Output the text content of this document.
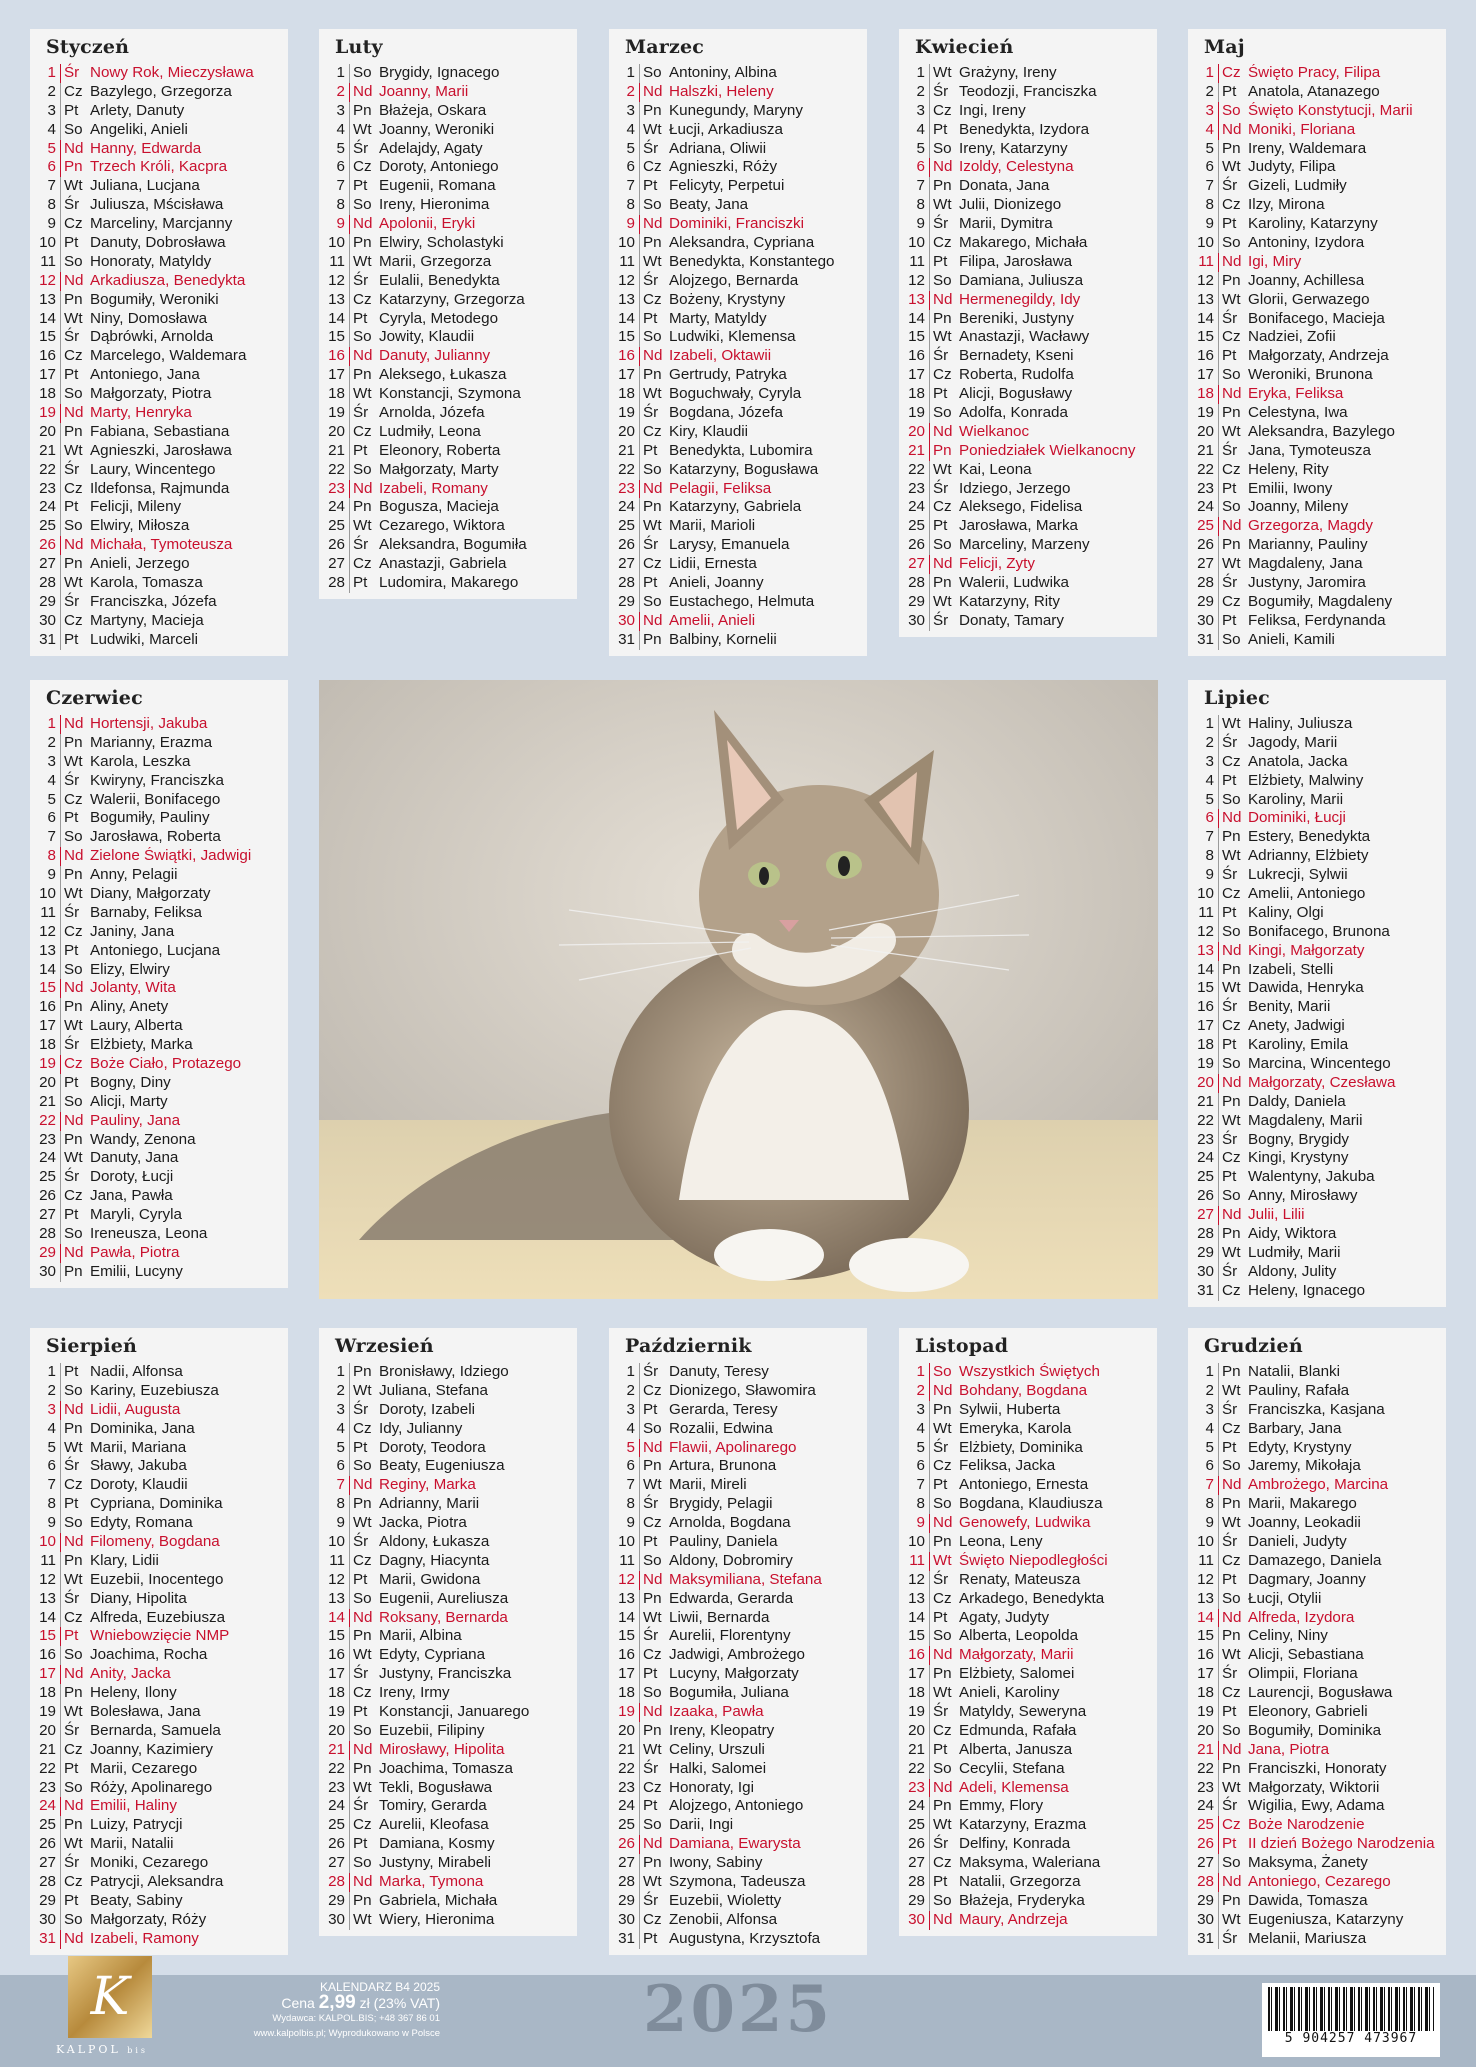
Styczeń
1 Śr Nowy Rok, Mieczysława
2 Cz Bazylego, Grzegorza
3 Pt Arlety, Danuty
4 So Angeliki, Anieli
5 Nd Hanny, Edwarda
6 Pn Trzech Króli, Kacpra
7 Wt Juliana, Lucjana
8 Śr Juliusza, Mścisława
9 Cz Marceliny, Marcjanny
10 Pt Danuty, Dobrosława
11 So Honoraty, Matyldy
12 Nd Arkadiusza, Benedykta
13 Pn Bogumiły, Weroniki
14 Wt Niny, Domosława
15 Śr Dąbrówki, Arnolda
16 Cz Marcelego, Waldemara
17 Pt Antoniego, Jana
18 So Małgorzaty, Piotra
19 Nd Marty, Henryka
20 Pn Fabiana, Sebastiana
21 Wt Agnieszki, Jarosława
22 Śr Laury, Wincentego
23 Cz Ildefonsa, Rajmunda
24 Pt Felicji, Mileny
25 So Elwiry, Miłosza
26 Nd Michała, Tymoteusza
27 Pn Anieli, Jerzego
28 Wt Karola, Tomasza
29 Śr Franciszka, Józefa
30 Cz Martyny, Macieja
31 Pt Ludwiki, Marceli
Luty
1 So Brygidy, Ignacego
2 Nd Joanny, Marii
3 Pn Błażeja, Oskara
4 Wt Joanny, Weroniki
5 Śr Adelajdy, Agaty
6 Cz Doroty, Antoniego
7 Pt Eugenii, Romana
8 So Ireny, Hieronima
9 Nd Apolonii, Eryki
10 Pn Elwiry, Scholastyki
11 Wt Marii, Grzegorza
12 Śr Eulalii, Benedykta
13 Cz Katarzyny, Grzegorza
14 Pt Cyryla, Metodego
15 So Jowity, Klaudii
16 Nd Danuty, Julianny
17 Pn Aleksego, Łukasza
18 Wt Konstancji, Szymona
19 Śr Arnolda, Józefa
20 Cz Ludmiły, Leona
21 Pt Eleonory, Roberta
22 So Małgorzaty, Marty
23 Nd Izabeli, Romany
24 Pn Bogusza, Macieja
25 Wt Cezarego, Wiktora
26 Śr Aleksandra, Bogumiła
27 Cz Anastazji, Gabriela
28 Pt Ludomira, Makarego
Marzec
1 So Antoniny, Albina
2 Nd Halszki, Heleny
3 Pn Kunegundy, Maryny
4 Wt Łucji, Arkadiusza
5 Śr Adriana, Oliwii
6 Cz Agnieszki, Róży
7 Pt Felicyty, Perpetui
8 So Beaty, Jana
9 Nd Dominiki, Franciszki
10 Pn Aleksandra, Cypriana
11 Wt Benedykta, Konstantego
12 Śr Alojzego, Bernarda
13 Cz Bożeny, Krystyny
14 Pt Marty, Matyldy
15 So Ludwiki, Klemensa
16 Nd Izabeli, Oktawii
17 Pn Gertrudy, Patryka
18 Wt Boguchwały, Cyryla
19 Śr Bogdana, Józefa
20 Cz Kiry, Klaudii
21 Pt Benedykta, Lubomira
22 So Katarzyny, Bogusława
23 Nd Pelagii, Feliksa
24 Pn Katarzyny, Gabriela
25 Wt Marii, Marioli
26 Śr Larysy, Emanuela
27 Cz Lidii, Ernesta
28 Pt Anieli, Joanny
29 So Eustachego, Helmuta
30 Nd Amelii, Anieli
31 Pn Balbiny, Kornelii
Kwiecień
1 Wt Grażyny, Ireny
2 Śr Teodozji, Franciszka
3 Cz Ingi, Ireny
4 Pt Benedykta, Izydora
5 So Ireny, Katarzyny
6 Nd Izoldy, Celestyna
7 Pn Donata, Jana
8 Wt Julii, Dionizego
9 Śr Marii, Dymitra
10 Cz Makarego, Michała
11 Pt Filipa, Jarosława
12 So Damiana, Juliusza
13 Nd Hermenegildy, Idy
14 Pn Bereniki, Justyny
15 Wt Anastazji, Wacławy
16 Śr Bernadety, Kseni
17 Cz Roberta, Rudolfa
18 Pt Alicji, Bogusławy
19 So Adolfa, Konrada
20 Nd Wielkanoc
21 Pn Poniedziałek Wielkanocny
22 Wt Kai, Leona
23 Śr Idziego, Jerzego
24 Cz Aleksego, Fidelisa
25 Pt Jarosława, Marka
26 So Marceliny, Marzeny
27 Nd Felicji, Zyty
28 Pn Walerii, Ludwika
29 Wt Katarzyny, Rity
30 Śr Donaty, Tamary
Maj
1 Cz Święto Pracy, Filipa
2 Pt Anatola, Atanazego
3 So Święto Konstytucji, Marii
4 Nd Moniki, Floriana
5 Pn Ireny, Waldemara
6 Wt Judyty, Filipa
7 Śr Gizeli, Ludmiły
8 Cz Ilzy, Mirona
9 Pt Karoliny, Katarzyny
10 So Antoniny, Izydora
11 Nd Igi, Miry
12 Pn Joanny, Achillesa
13 Wt Glorii, Gerwazego
14 Śr Bonifacego, Macieja
15 Cz Nadziei, Zofii
16 Pt Małgorzaty, Andrzeja
17 So Weroniki, Brunona
18 Nd Eryka, Feliksa
19 Pn Celestyna, Iwa
20 Wt Aleksandra, Bazylego
21 Śr Jana, Tymoteusza
22 Cz Heleny, Rity
23 Pt Emilii, Iwony
24 So Joanny, Mileny
25 Nd Grzegorza, Magdy
26 Pn Marianny, Pauliny
27 Wt Magdaleny, Jana
28 Śr Justyny, Jaromira
29 Cz Bogumiły, Magdaleny
30 Pt Feliksa, Ferdynanda
31 So Anieli, Kamili
Czerwiec
1 Nd Hortensji, Jakuba
2 Pn Marianny, Erazma
3 Wt Karola, Leszka
4 Śr Kwiryny, Franciszka
5 Cz Walerii, Bonifacego
6 Pt Bogumiły, Pauliny
7 So Jarosława, Roberta
8 Nd Zielone Świątki, Jadwigi
9 Pn Anny, Pelagii
10 Wt Diany, Małgorzaty
11 Śr Barnaby, Feliksa
12 Cz Janiny, Jana
13 Pt Antoniego, Lucjana
14 So Elizy, Elwiry
15 Nd Jolanty, Wita
16 Pn Aliny, Anety
17 Wt Laury, Alberta
18 Śr Elżbiety, Marka
19 Cz Boże Ciało, Protazego
20 Pt Bogny, Diny
21 So Alicji, Marty
22 Nd Pauliny, Jana
23 Pn Wandy, Zenona
24 Wt Danuty, Jana
25 Śr Doroty, Łucji
26 Cz Jana, Pawła
27 Pt Maryli, Cyryla
28 So Ireneusza, Leona
29 Nd Pawła, Piotra
30 Pn Emilii, Lucyny
Lipiec
1 Wt Haliny, Juliusza
2 Śr Jagody, Marii
3 Cz Anatola, Jacka
4 Pt Elżbiety, Malwiny
5 So Karoliny, Marii
6 Nd Dominiki, Łucji
7 Pn Estery, Benedykta
8 Wt Adrianny, Elżbiety
9 Śr Lukrecji, Sylwii
10 Cz Amelii, Antoniego
11 Pt Kaliny, Olgi
12 So Bonifacego, Brunona
13 Nd Kingi, Małgorzaty
14 Pn Izabeli, Stelli
15 Wt Dawida, Henryka
16 Śr Benity, Marii
17 Cz Anety, Jadwigi
18 Pt Karoliny, Emila
19 So Marcina, Wincentego
20 Nd Małgorzaty, Czesława
21 Pn Daldy, Daniela
22 Wt Magdaleny, Marii
23 Śr Bogny, Brygidy
24 Cz Kingi, Krystyny
25 Pt Walentyny, Jakuba
26 So Anny, Mirosławy
27 Nd Julii, Lilii
28 Pn Aidy, Wiktora
29 Wt Ludmiły, Marii
30 Śr Aldony, Julity
31 Cz Heleny, Ignacego
Sierpień
1 Pt Nadii, Alfonsa
2 So Kariny, Euzebiusza
3 Nd Lidii, Augusta
4 Pn Dominika, Jana
5 Wt Marii, Mariana
6 Śr Sławy, Jakuba
7 Cz Doroty, Klaudii
8 Pt Cypriana, Dominika
9 So Edyty, Romana
10 Nd Filomeny, Bogdana
11 Pn Klary, Lidii
12 Wt Euzebii, Inocentego
13 Śr Diany, Hipolita
14 Cz Alfreda, Euzebiusza
15 Pt Wniebowzięcie NMP
16 So Joachima, Rocha
17 Nd Anity, Jacka
18 Pn Heleny, Ilony
19 Wt Bolesława, Jana
20 Śr Bernarda, Samuela
21 Cz Joanny, Kazimiery
22 Pt Marii, Cezarego
23 So Róży, Apolinarego
24 Nd Emilii, Haliny
25 Pn Luizy, Patrycji
26 Wt Marii, Natalii
27 Śr Moniki, Cezarego
28 Cz Patrycji, Aleksandra
29 Pt Beaty, Sabiny
30 So Małgorzaty, Róży
31 Nd Izabeli, Ramony
Wrzesień
1 Pn Bronisławy, Idziego
2 Wt Juliana, Stefana
3 Śr Doroty, Izabeli
4 Cz Idy, Julianny
5 Pt Doroty, Teodora
6 So Beaty, Eugeniusza
7 Nd Reginy, Marka
8 Pn Adrianny, Marii
9 Wt Jacka, Piotra
10 Śr Aldony, Łukasza
11 Cz Dagny, Hiacynta
12 Pt Marii, Gwidona
13 So Eugenii, Aureliusza
14 Nd Roksany, Bernarda
15 Pn Marii, Albina
16 Wt Edyty, Cypriana
17 Śr Justyny, Franciszka
18 Cz Ireny, Irmy
19 Pt Konstancji, Januarego
20 So Euzebii, Filipiny
21 Nd Mirosławy, Hipolita
22 Pn Joachima, Tomasza
23 Wt Tekli, Bogusława
24 Śr Tomiry, Gerarda
25 Cz Aurelii, Kleofasa
26 Pt Damiana, Kosmy
27 So Justyny, Mirabeli
28 Nd Marka, Tymona
29 Pn Gabriela, Michała
30 Wt Wiery, Hieronima
Październik
1 Śr Danuty, Teresy
2 Cz Dionizego, Sławomira
3 Pt Gerarda, Teresy
4 So Rozalii, Edwina
5 Nd Flawii, Apolinarego
6 Pn Artura, Brunona
7 Wt Marii, Mireli
8 Śr Brygidy, Pelagii
9 Cz Arnolda, Bogdana
10 Pt Pauliny, Daniela
11 So Aldony, Dobromiry
12 Nd Maksymiliana, Stefana
13 Pn Edwarda, Gerarda
14 Wt Liwii, Bernarda
15 Śr Aurelii, Florentyny
16 Cz Jadwigi, Ambrożego
17 Pt Lucyny, Małgorzaty
18 So Bogumiła, Juliana
19 Nd Izaaka, Pawła
20 Pn Ireny, Kleopatry
21 Wt Celiny, Urszuli
22 Śr Halki, Salomei
23 Cz Honoraty, Igi
24 Pt Alojzego, Antoniego
25 So Darii, Ingi
26 Nd Damiana, Ewarysta
27 Pn Iwony, Sabiny
28 Wt Szymona, Tadeusza
29 Śr Euzebii, Wioletty
30 Cz Zenobii, Alfonsa
31 Pt Augustyna, Krzysztofa
Listopad
1 So Wszystkich Świętych
2 Nd Bohdany, Bogdana
3 Pn Sylwii, Huberta
4 Wt Emeryka, Karola
5 Śr Elżbiety, Dominika
6 Cz Feliksa, Jacka
7 Pt Antoniego, Ernesta
8 So Bogdana, Klaudiusza
9 Nd Genowefy, Ludwika
10 Pn Leona, Leny
11 Wt Święto Niepodległości
12 Śr Renaty, Mateusza
13 Cz Arkadego, Benedykta
14 Pt Agaty, Judyty
15 So Alberta, Leopolda
16 Nd Małgorzaty, Marii
17 Pn Elżbiety, Salomei
18 Wt Anieli, Karoliny
19 Śr Matyldy, Seweryna
20 Cz Edmunda, Rafała
21 Pt Alberta, Janusza
22 So Cecylii, Stefana
23 Nd Adeli, Klemensa
24 Pn Emmy, Flory
25 Wt Katarzyny, Erazma
26 Śr Delfiny, Konrada
27 Cz Maksyma, Waleriana
28 Pt Natalii, Grzegorza
29 So Błażeja, Fryderyka
30 Nd Maury, Andrzeja
Grudzień
1 Pn Natalii, Blanki
2 Wt Pauliny, Rafała
3 Śr Franciszka, Kasjana
4 Cz Barbary, Jana
5 Pt Edyty, Krystyny
6 So Jaremy, Mikołaja
7 Nd Ambrożego, Marcina
8 Pn Marii, Makarego
9 Wt Joanny, Leokadii
10 Śr Danieli, Judyty
11 Cz Damazego, Daniela
12 Pt Dagmary, Joanny
13 So Łucji, Otylii
14 Nd Alfreda, Izydora
15 Pn Celiny, Niny
16 Wt Alicji, Sebastiana
17 Śr Olimpii, Floriana
18 Cz Laurencji, Bogusława
19 Pt Eleonory, Gabrieli
20 So Bogumiły, Dominika
21 Nd Jana, Piotra
22 Pn Franciszki, Honoraty
23 Wt Małgorzaty, Wiktorii
24 Śr Wigilia, Ewy, Adama
25 Cz Boże Narodzenie
26 Pt II dzień Bożego Narodzenia
27 So Maksyma, Żanety
28 Nd Antoniego, Cezarego
29 Pn Dawida, Tomasza
30 Wt Eugeniusza, Katarzyny
31 Śr Melanii, Mariusza
K
KALPOL bis
KALENDARZ B4 2025
Cena 2,99 zł (23% VAT)
Wydawca: KALPOL.BIS; +48 367 86 01
www.kalpolbis.pl; Wyprodukowano w Polsce	2025	5 904257 473967
